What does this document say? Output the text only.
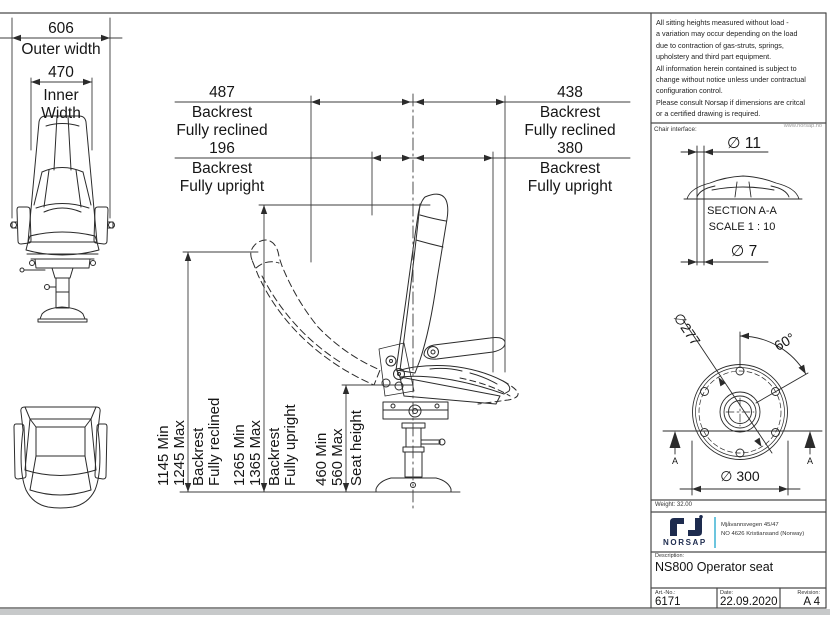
606
Outer width
470
Inner
Width
487
Backrest
Fully reclined
196
Backrest
Fully upright
438
Backrest
Fully reclined
380
Backrest
Fully upright
1145 Min 1245 Max Backrest Fully reclined 1265 Min 1365 Max Backrest Fully upright 460 Min 560 Max Seat height
∅ 11
SECTION A-A
SCALE 1 : 10
∅ 7
∅277	60°
∅ 300
A	A
All sitting heights measured without load -
a variation may occur depending on the load
due to contraction of gas-struts, springs,
upholstery and third part equipment.
All information herein contained is subject to
change without notice unless under contractual
configuration control.
Please consult Norsap if dimensions are critcal
or a certified drawing is required.
www.norsap.no
Chair interface:
Weight: 32.00
NORSAP
Mjåvannsvegen 45/47
NO 4626 Kristiansand (Norway)
Description:
NS800 Operator seat
Art.-No.:
6171
Date:
22.09.2020
Revision:
A 4
